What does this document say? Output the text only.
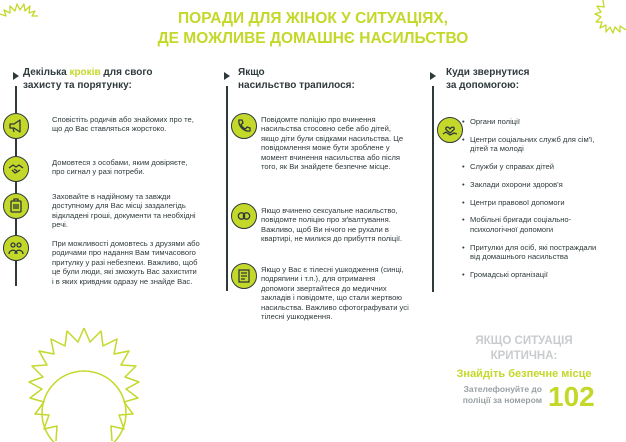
ПОРАДИ ДЛЯ ЖІНОК У СИТУАЦІЯХ,
ДЕ МОЖЛИВЕ ДОМАШНЄ НАСИЛЬСТВО
Декілька кроків для свого
захисту та порятунку:
Сповістіть родичів або знайомих про те, що до Вас ставляться жорстоко.
Домовтеся з особами, яким довіряєте, про сигнал у разі потреби.
Заховайте в надійному та завжди доступному для Вас місці заздалегідь відкладені гроші, документи та необхідні речі.
При можливості домовтесь з друзями або родичами про надання Вам тимчасового притулку у разі небезпеки. Важливо, щоб це були люди, які зможуть Вас захистити і в яких кривдник одразу не знайде Вас.
Якщо
насильство трапилося:
Повідомте поліцію про вчинення насильства стосовно себе або дітей, якщо діти були свідками насильства. Це повідомлення може бути зроблене у момент вчинення насильства або після того, як Ви знайдете безпечне місце.
Якщо вчинено сексуальне насильство, повідомте поліцію про зґвалтування. Важливо, щоб Ви нічого не рухали в квартирі, не милися до прибуття поліції.
Якщо у Вас є тілесні ушкодження (синці, подряпини і т.п.), для отримання допомоги звертайтеся до медичних закладів і повідомте, що стали жертвою насильства. Важливо сфотографувати усі тілесні ушкодження.
Куди звернутися
за допомогою:
• Органи поліції
• Центри соціальних служб для сім'ї, дітей та молоді
• Служби у справах дітей
• Заклади охорони здоров'я
• Центри правової допомоги
• Мобільні бригади соціально-психологічної допомоги
• Притулки для осіб, які постраждали від домашнього насильства
• Громадські організації
ЯКЩО СИТУАЦІЯ
КРИТИЧНА:
Знайдіть безпечне місце
Зателефонуйте до
поліції за номером 102
